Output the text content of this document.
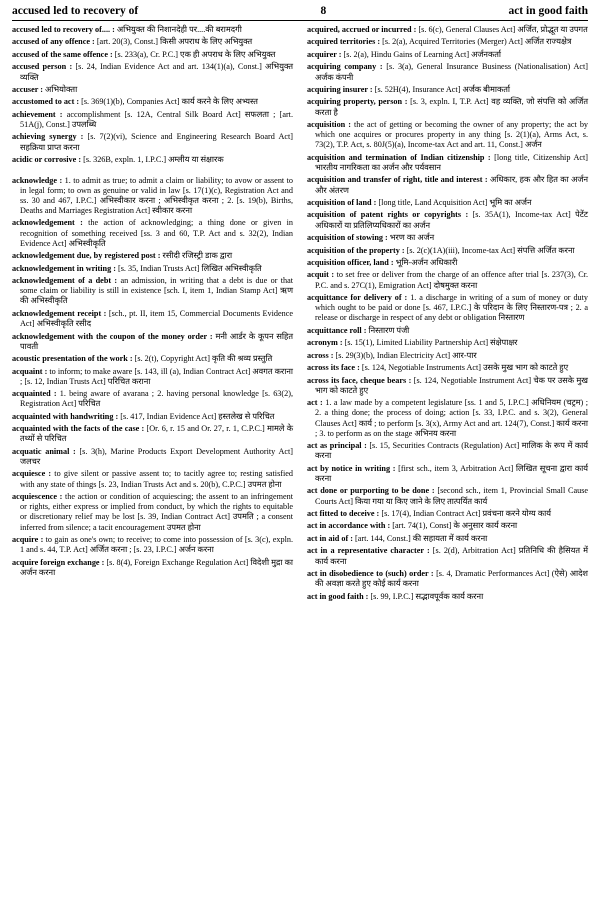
accused led to recovery of	8	act in good faith

accused led to recovery of.... : अभियुक्त की निशानदेही पर....की बरामदगी

accused of any offence : [art. 20(3), Const.] किसी अपराध के लिए अभियुक्त

accused of the same offence : [s. 233(a), Cr. P.C.] एक ही अपराध के लिए अभियुक्त

accused person : [s. 24, Indian Evidence Act and art. 134(1)(a), Const.] अभियुक्त व्यक्ति

accuser : अभियोक्ता

accustomed to act : [s. 369(1)(b), Companies Act] कार्य करने के लिए अभ्यस्त

achievement : accomplishment [s. 12A, Central Silk Board Act] सफलता ; [art. 51A(j), Const.] उपलब्धि

achieving synergy : [s. 7(2)(vi), Science and Engineering Research Board Act] सहक्रिया प्राप्त करना

acidic or corrosive : [s. 326B, expln. 1, I.P.C.] अम्लीय या संक्षारक

acknowledge : 1. to admit as true; to admit a claim or liability; to avow or assent to in legal form; to own as genuine or valid in law [s. 17(1)(c), Registration Act and ss. 30 and 467, I.P.C.] अभिस्वीकार करना ; अभिस्वीकृत करना ; 2. [s. 19(b), Births, Deaths and Marriages Registration Act] स्वीकार करना

acknowledgement : the action of acknowledging; a thing done or given in recognition of something received [ss. 3 and 60, T.P. Act and s. 32(2), Indian Evidence Act] अभिस्वीकृति

acknowledgement due, by registered post : रसीदी रजिस्ट्री डाक द्वारा

acknowledgement in writing : [s. 35, Indian Trusts Act] लिखित अभिस्वीकृति

acknowledgement of a debt : an admission, in writing that a debt is due or that some claim or liability is still in existence [sch. I, item 1, Indian Stamp Act] ऋण की अभिस्वीकृति

acknowledgement receipt : [sch., pt. II, item 15, Commercial Documents Evidence Act] अभिस्वीकृति रसीद

acknowledgement with the coupon of the money order : मनी आर्डर के कूपन सहित पावती

acoustic presentation of the work : [s. 2(t), Copyright Act] कृति की श्रव्य प्रस्तुति

acquaint : to inform; to make aware [s. 143, ill (a), Indian Contract Act] अवगत कराना ; [s. 12, Indian Trusts Act] परिचित कराना

acquainted : 1. being aware of avarana ; 2. having personal knowledge [s. 63(2), Registration Act] परिचित

acquainted with handwriting : [s. 417, Indian Evidence Act] हस्तलेख से परिचित

acquainted with the facts of the case : [Or. 6, r. 15 and Or. 27, r. 1, C.P.C.] मामले के तथ्यों से परिचित

acquatic animal : [s. 3(h), Marine Products Export Development Authority Act] जलचर

acquiesce : to give silent or passive assent to; to tacitly agree to; resting satisfied with any state of things [s. 23, Indian Trusts Act and s. 20(b), C.P.C.] उपमत होना

acquiescence : the action or condition of acquiescing; the assent to an infringement or rights, either express or implied from conduct, by which the rights to equitable or discretionary relief may be lost [s. 39, Indian Contract Act] उपमति ; a consent inferred from silence; a tacit encouragement उपमत होना

acquire : to gain as one's own; to receive; to come into possession of [s. 3(c), expln. 1 and s. 44, T.P. Act] अर्जित करना ; [s. 23, I.P.C.] अर्जन करना

acquire foreign exchange : [s. 8(4), Foreign Exchange Regulation Act] विदेशी मुद्रा का अर्जन करना

acquired, accrued or incurred : [s. 6(c), General Clauses Act] अर्जित, प्रोद्भूत या उपगत

acquired territories : [s. 2(a), Acquired Territories (Merger) Act] अर्जित राज्यक्षेत्र

acquirer : [s. 2(a), Hindu Gains of Learning Act] अर्जनकर्ता

acquiring company : [s. 3(a), General Insurance Business (Nationalisation) Act] अर्जक कंपनी

acquiring insurer : [s. 52H(4), Insurance Act] अर्जक बीमाकर्ता

acquiring property, person : [s. 3, expln. I, T.P. Act] वह व्यक्ति, जो संपत्ति को अर्जित करता है

acquisition : the act of getting or becoming the owner of any property; the act by which one acquires or procures property in any thing [s. 2(1)(a), Arms Act, s. 73(2), T.P. Act, s. 80J(5)(a), Income-tax Act and art. 11, Const.] अर्जन

acquisition and termination of Indian citizenship : [long title, Citizenship Act] भारतीय नागरिकता का अर्जन और पर्यवसान

acquisition and transfer of right, title and interest : अधिकार, हक और हित का अर्जन और अंतरण

acquisition of land : [long title, Land Acquisition Act] भूमि का अर्जन

acquisition of patent rights or copyrights : [s. 35A(1), Income-tax Act] पेटेंट अधिकारों या प्रतिलिप्यधिकारों का अर्जन

acquisition of stowing : भरण का अर्जन

acquisition of the property : [s. 2(c)(1A)(iii), Income-tax Act] संपत्ति अर्जित करना

acquisition officer, land : भूमि-अर्जन अधिकारी

acquit : to set free or deliver from the charge of an offence after trial [s. 237(3), Cr. P.C. and s. 27C(1), Emigration Act] दोषमुक्त करना

acquittance for delivery of : 1. a discharge in writing of a sum of money or duty which ought to be paid or done [s. 467, I.P.C.] के परिदान के लिए निस्तारण-पत्र ; 2. a release or discharge in respect of any debt or obligation निस्तारण

acquittance roll : निस्तारण पंजी

acronym : [s. 15(1), Limited Liability Partnership Act] संक्षेपाक्षर

across : [s. 29(3)(b), Indian Electricity Act] आर-पार

across its face : [s. 124, Negotiable Instruments Act] उसके मुख भाग को काटते हुए

across its face, cheque bears : [s. 124, Negotiable Instrument Act] चेक पर उसके मुख भाग को काटते हुए

act : 1. a law made by a competent legislature [ss. 1 and 5, I.P.C.] अधिनियम (चट्रम) ; 2. a thing done; the process of doing; action [s. 33, I.P.C. and s. 3(2), General Clauses Act] कार्य ; to perform [s. 3(x), Army Act and art. 124(7), Const.] कार्य करना ; 3. to perform as on the stage अभिनय करना

act as principal : [s. 15, Securities Contracts (Regulation) Act] मालिक के रूप में कार्य करना

act by notice in writing : [first sch., item 3, Arbitration Act] लिखित सूचना द्वारा कार्य करना

act done or purporting to be done : [second sch., item 1, Provincial Small Cause Courts Act] किया गया या किए जाने के लिए तात्पर्यित कार्य

act fitted to deceive : [s. 17(4), Indian Contract Act] प्रवंचना करने योग्य कार्य

act in accordance with : [art. 74(1), Const] के अनुसार कार्य करना

act in aid of : [art. 144, Const.] की सहायता में कार्य करना

act in a representative character : [s. 2(d), Arbitration Act] प्रतिनिधि की हैसियत में कार्य करना

act in disobedience to (such) order : [s. 4, Dramatic Performances Act] (ऐसे) आदेश की अवज्ञा करते हुए कोई कार्य करना

act in good faith : [s. 99, I.P.C.] सद्भावपूर्वक कार्य करना
